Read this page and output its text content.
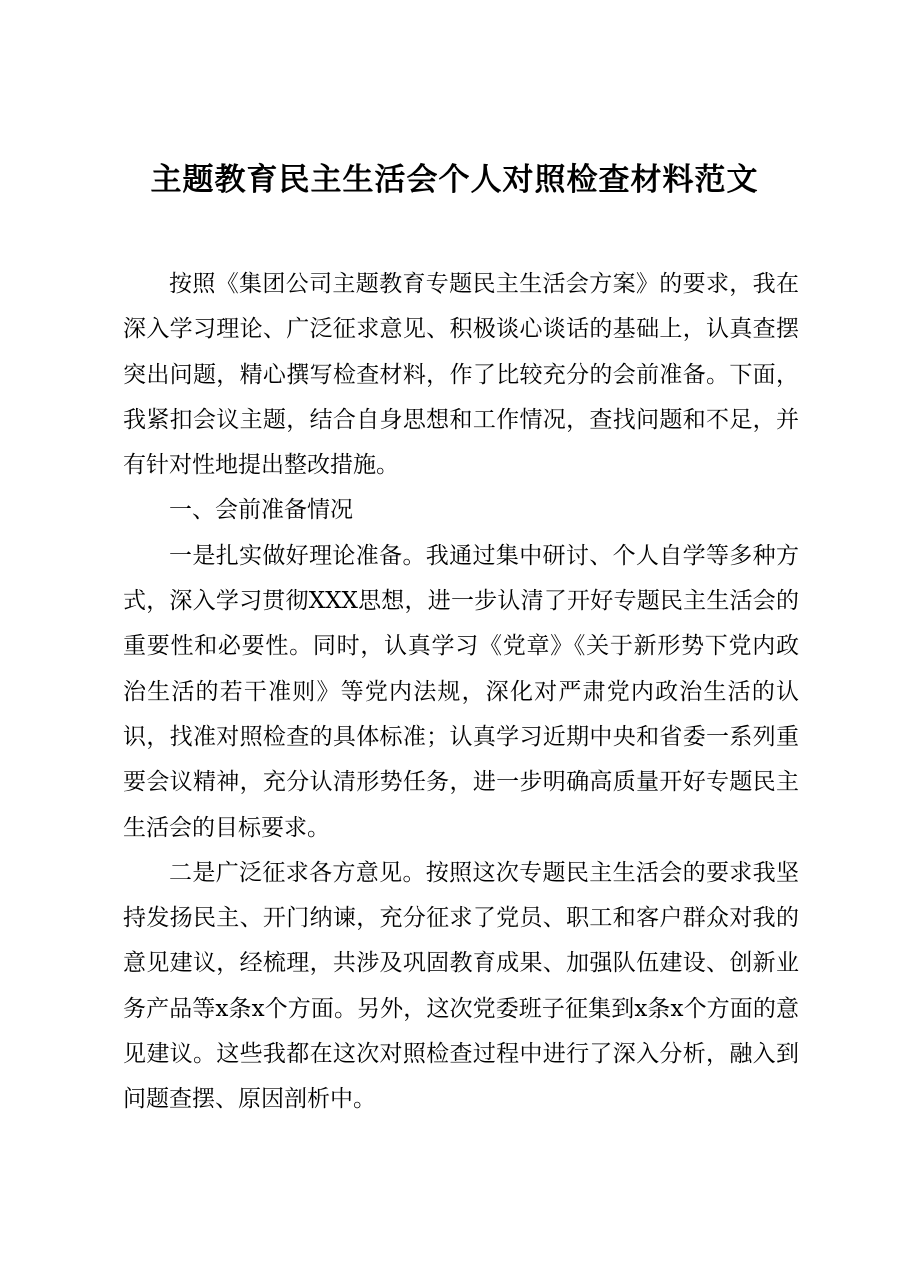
主题教育民主生活会个人对照检查材料范文

按照《集团公司主题教育专题民主生活会方案》的要求，我在深入学习理论、广泛征求意见、积极谈心谈话的基础上，认真查摆突出问题，精心撰写检查材料，作了比较充分的会前准备。下面，我紧扣会议主题，结合自身思想和工作情况，查找问题和不足，并有针对性地提出整改措施。

一、会前准备情况

一是扎实做好理论准备。我通过集中研讨、个人自学等多种方式，深入学习贯彻XXX思想，进一步认清了开好专题民主生活会的重要性和必要性。同时，认真学习《党章》《关于新形势下党内政治生活的若干准则》等党内法规，深化对严肃党内政治生活的认识，找准对照检查的具体标准；认真学习近期中央和省委一系列重要会议精神，充分认清形势任务，进一步明确高质量开好专题民主生活会的目标要求。

二是广泛征求各方意见。按照这次专题民主生活会的要求我坚持发扬民主、开门纳谏，充分征求了党员、职工和客户群众对我的意见建议，经梳理，共涉及巩固教育成果、加强队伍建设、创新业务产品等x条x个方面。另外，这次党委班子征集到x条x个方面的意见建议。这些我都在这次对照检查过程中进行了深入分析，融入到问题查摆、原因剖析中。
